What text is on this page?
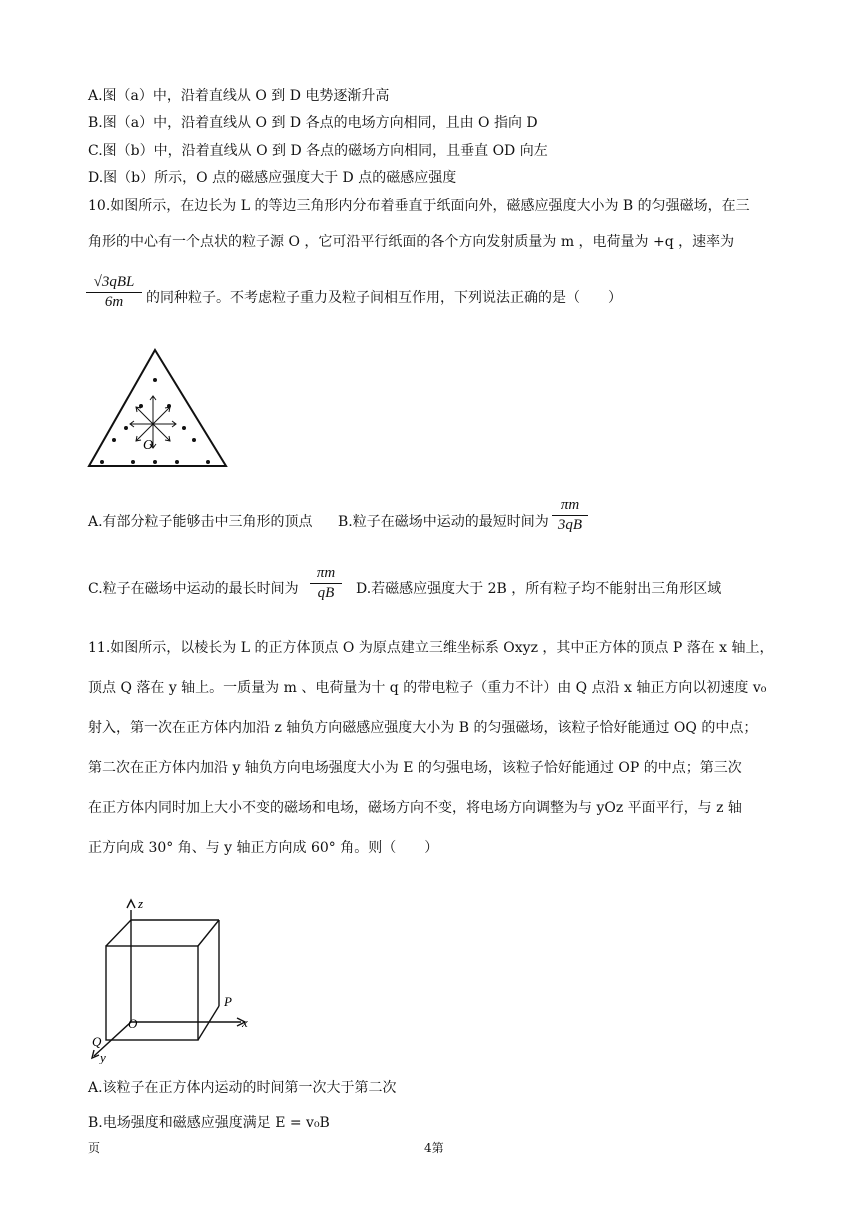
A.图（a）中，沿着直线从 O 到 D 电势逐渐升高
B.图（a）中，沿着直线从 O 到 D 各点的电场方向相同，且由 O 指向 D
C.图（b）中，沿着直线从 O 到 D 各点的磁场方向相同，且垂直 OD 向左
D.图（b）所示，O 点的磁感应强度大于 D 点的磁感应强度
10.如图所示，在边长为 L 的等边三角形内分布着垂直于纸面向外，磁感应强度大小为 B 的匀强磁场，在三
角形的中心有一个点状的粒子源 O ，它可沿平行纸面的各个方向发射质量为 m ，电荷量为 +q ，速率为
√3qBL
6m	的同种粒子。不考虑粒子重力及粒子间相互作用，下列说法正确的是（　　）
O
A.有部分粒子能够击中三角形的顶点 B.粒子在磁场中运动的最短时间为
πm
3qB
C.粒子在磁场中运动的最长时间为
πm
qB	D.若磁感应强度大于 2B ，所有粒子均不能射出三角形区域
11.如图所示，以棱长为 L 的正方体顶点 O 为原点建立三维坐标系 Oxyz ，其中正方体的顶点 P 落在 x 轴上，
顶点 Q 落在 y 轴上。一质量为 m 、电荷量为十 q 的带电粒子（重力不计）由 Q 点沿 x 轴正方向以初速度 v₀
射入，第一次在正方体内加沿 z 轴负方向磁感应强度大小为 B 的匀强磁场，该粒子恰好能通过 OQ 的中点；
第二次在正方体内加沿 y 轴负方向电场强度大小为 E 的匀强电场，该粒子恰好能通过 OP 的中点；第三次
在正方体内同时加上大小不变的磁场和电场，磁场方向不变，将电场方向调整为与 yOz 平面平行，与 z 轴
正方向成 30° 角、与 y 轴正方向成 60° 角。则（　　）
z
x
y
O
P
Q
A.该粒子在正方体内运动的时间第一次大于第二次
B.电场强度和磁感应强度满足 E = v₀B
页	4第
